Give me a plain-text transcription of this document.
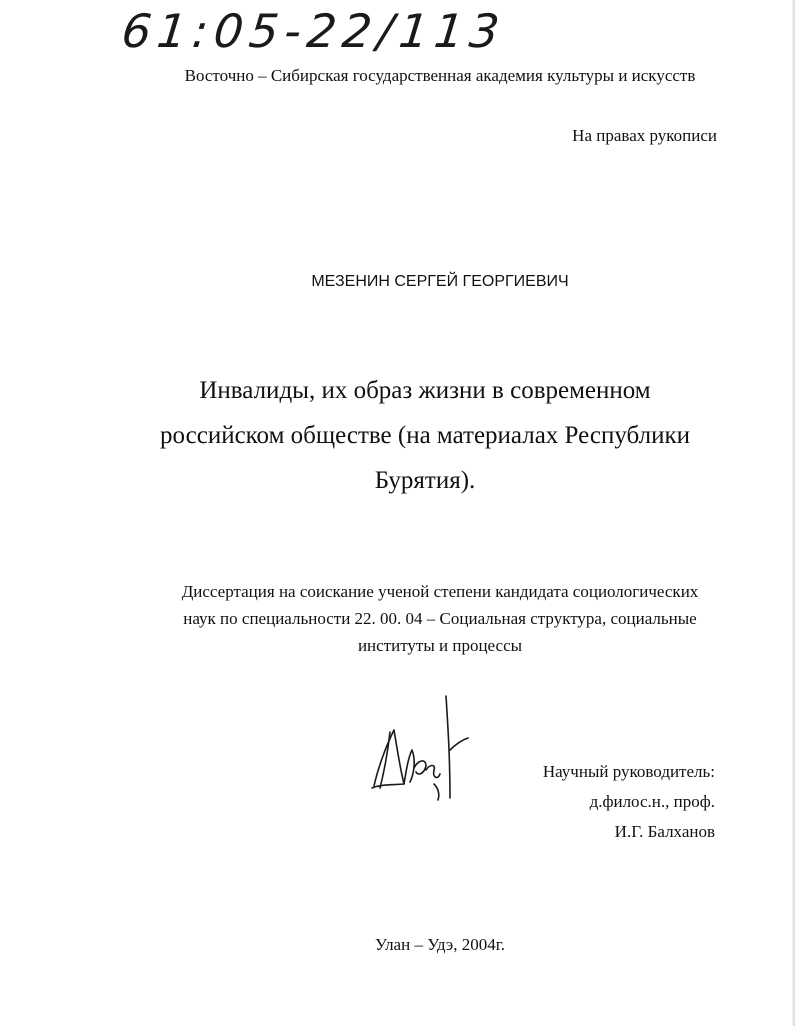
61:05-22/113
Восточно – Сибирская государственная академия культуры и искусств
На правах рукописи
МЕЗЕНИН СЕРГЕЙ ГЕОРГИЕВИЧ
Инвалиды, их образ жизни в современном
российском обществе (на материалах Республики
Бурятия).
Диссертация на соискание ученой степени кандидата социологических
наук по специальности 22. 00. 04 – Социальная структура, социальные
институты и процессы
Научный руководитель:
д.филос.н., проф.
И.Г. Балханов
Улан – Удэ, 2004г.
